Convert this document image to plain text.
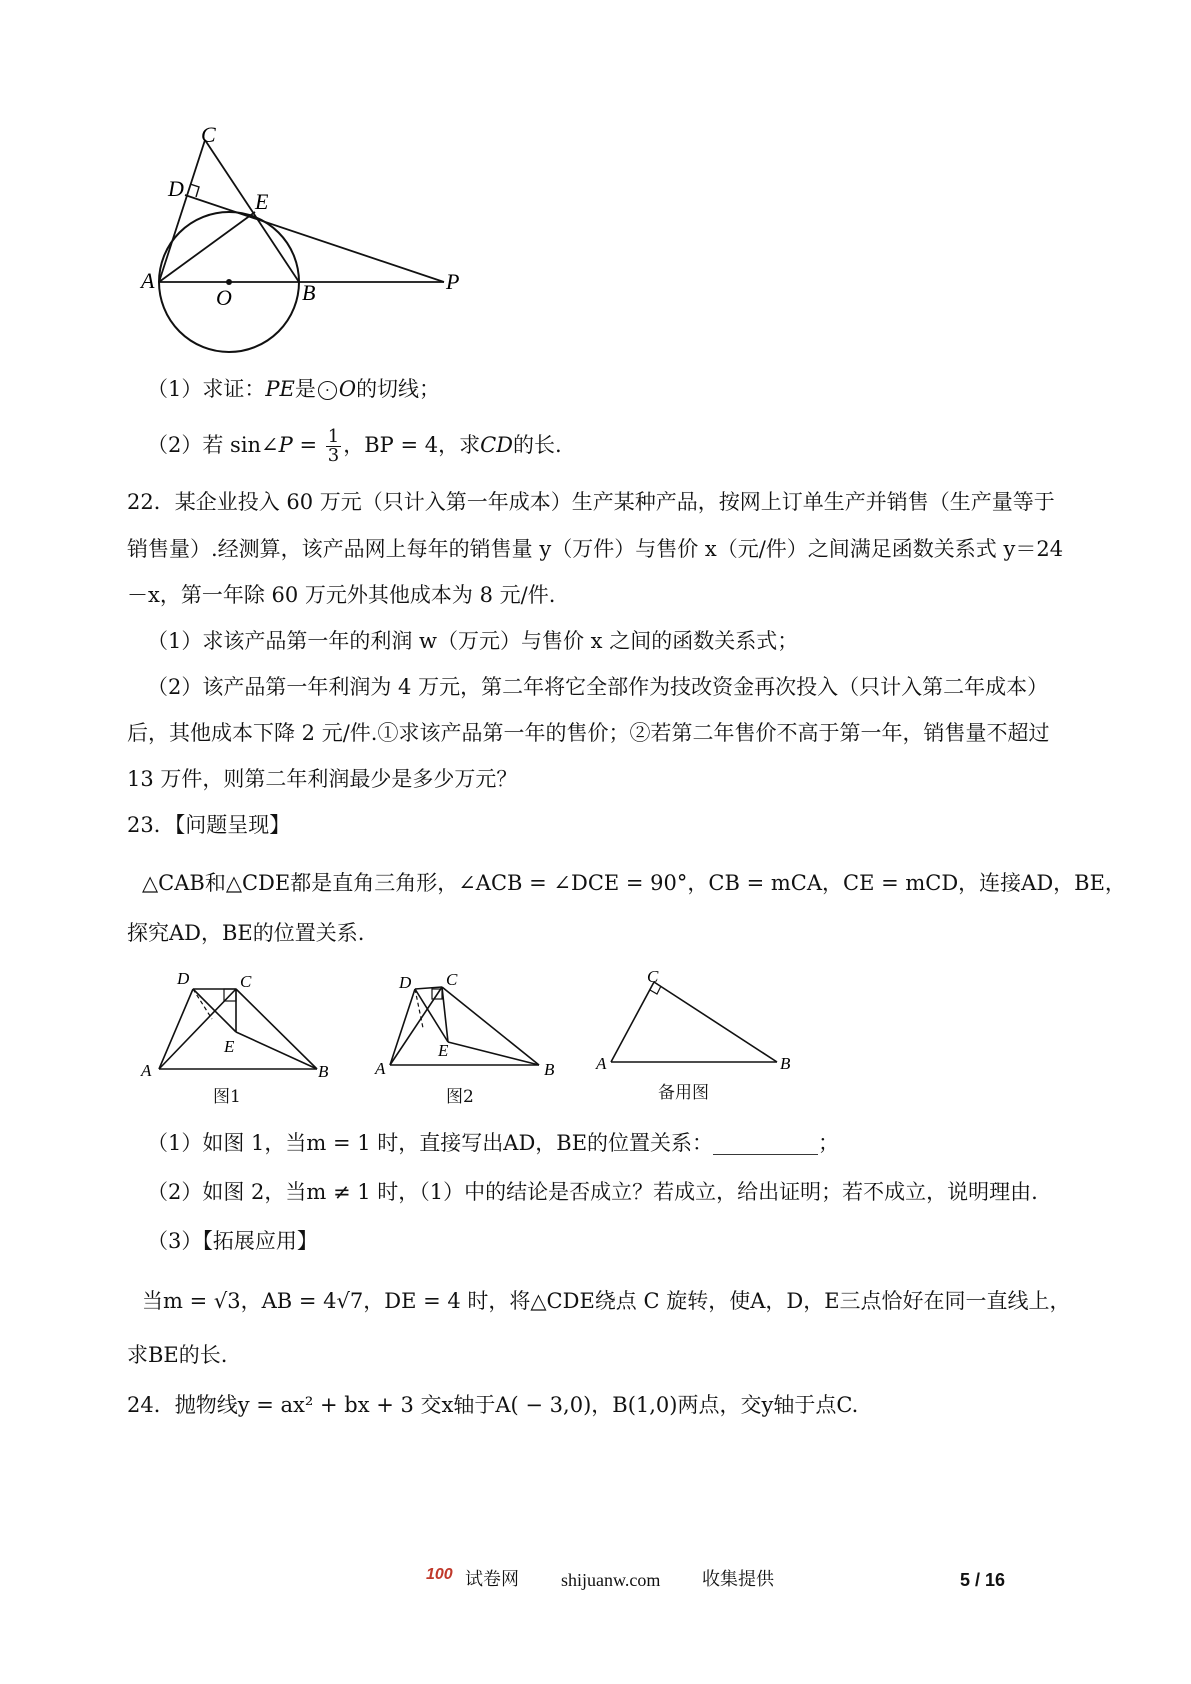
C
D
E
A
O	B	P
（1）求证：PE是 · O的切线；
（2）若 sin∠P = $\frac{1}{3}$ ，BP = 4，求CD的长.
22．某企业投入 60 万元（只计入第一年成本）生产某种产品，按网上订单生产并销售（生产量等于
销售量）.经测算，该产品网上每年的销售量 y（万件）与售价 x（元/件）之间满足函数关系式 y＝24
－x，第一年除 60 万元外其他成本为 8 元/件.
（1）求该产品第一年的利润 w（万元）与售价 x 之间的函数关系式；
（2）该产品第一年利润为 4 万元，第二年将它全部作为技改资金再次投入（只计入第二年成本）
后，其他成本下降 2 元/件.①求该产品第一年的售价；②若第二年售价不高于第一年，销售量不超过
13 万件，则第二年利润最少是多少万元？
23．【问题呈现】
△CAB和△CDE都是直角三角形，∠ACB = ∠DCE = 90°，CB = mCA，CE = mCD，连接AD，BE，
探究AD，BE的位置关系.
D	C
E
A	B
D C
E
A	B
C
A	B
图1	图2	备用图
（1）如图 1，当m = 1 时，直接写出AD，BE的位置关系：__________；
（2）如图 2，当m ≠ 1 时，（1）中的结论是否成立？若成立，给出证明；若不成立，说明理由.
（3）【拓展应用】
当m = √3，AB = 4√7，DE = 4 时，将△CDE绕点 C 旋转，使A，D，E三点恰好在同一直线上，
求BE的长.
24．抛物线y = ax² + bx + 3 交x轴于A( − 3,0)，B(1,0)两点，交y轴于点C.
100 试卷网 shijuanw.com 收集提供	5 / 16
